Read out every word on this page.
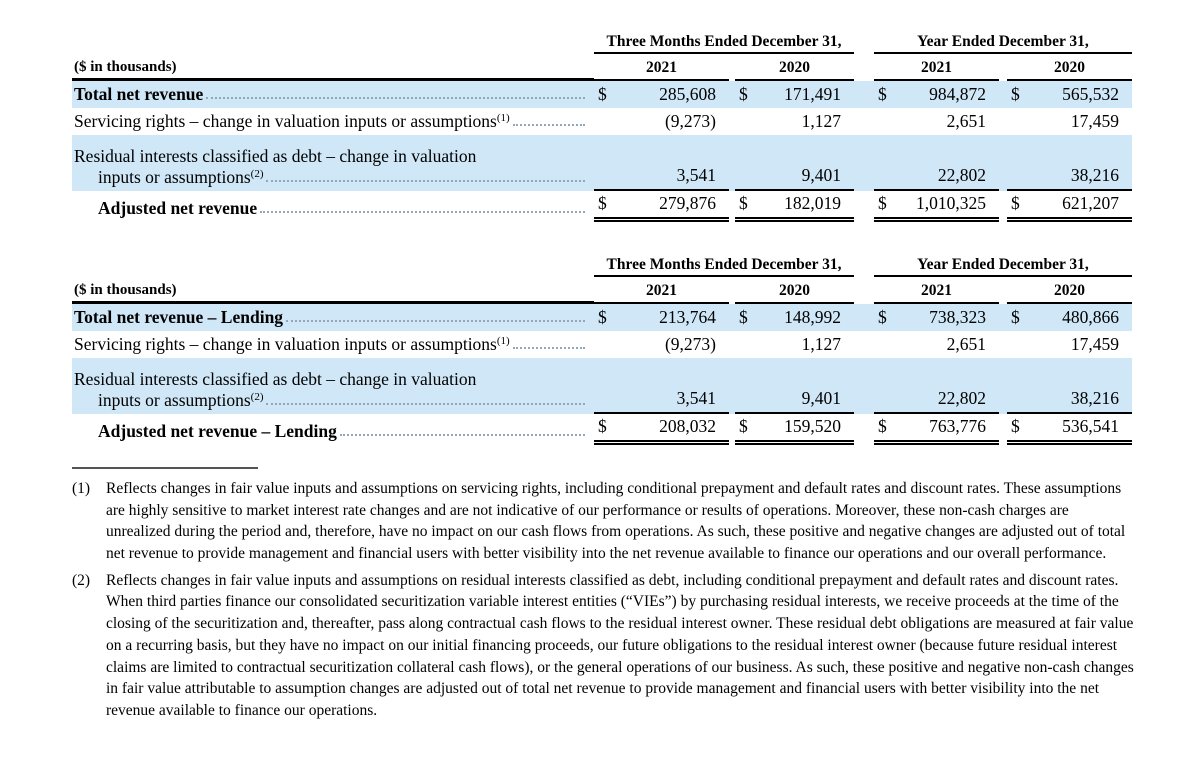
Three Months Ended December 31,	Year Ended December 31,
($ in thousands)	2021	2020	2021	2020
Total net revenue	$	285,608	$ 171,491	$ 984,872	$ 565,532
Servicing rights – change in valuation inputs or assumptions$^{(1)}$	(9,273)	1,127	2,651	17,459
Residual interests classified as debt – change in valuation
inputs or assumptions$^{(2)}$	3,541	9,401	22,802	38,216
Adjusted net revenue	$	279,876	$ 182,019	$ 1,010,325	$ 621,207
Three Months Ended December 31,	Year Ended December 31,
($ in thousands)	2021	2020	2021	2020
Total net revenue – Lending	$	213,764	$ 148,992	$ 738,323	$ 480,866
Servicing rights – change in valuation inputs or assumptions$^{(1)}$	(9,273)	1,127	2,651	17,459
Residual interests classified as debt – change in valuation
inputs or assumptions$^{(2)}$	3,541	9,401	22,802	38,216
Adjusted net revenue – Lending	$	208,032	$ 159,520	$ 763,776	$ 536,541
(1)	Reflects changes in fair value inputs and assumptions on servicing rights, including conditional prepayment and default rates and discount rates. These assumptions are highly sensitive to market interest rate changes and are not indicative of our performance or results of operations. Moreover, these non-cash charges are unrealized during the period and, therefore, have no impact on our cash flows from operations. As such, these positive and negative changes are adjusted out of total net revenue to provide management and financial users with better visibility into the net revenue available to finance our operations and our overall performance.
(2)	Reflects changes in fair value inputs and assumptions on residual interests classified as debt, including conditional prepayment and default rates and discount rates. When third parties finance our consolidated securitization variable interest entities (“VIEs”) by purchasing residual interests, we receive proceeds at the time of the closing of the securitization and, thereafter, pass along contractual cash flows to the residual interest owner. These residual debt obligations are measured at fair value on a recurring basis, but they have no impact on our initial financing proceeds, our future obligations to the residual interest owner (because future residual interest claims are limited to contractual securitization collateral cash flows), or the general operations of our business. As such, these positive and negative non-cash changes in fair value attributable to assumption changes are adjusted out of total net revenue to provide management and financial users with better visibility into the net revenue available to finance our operations.
